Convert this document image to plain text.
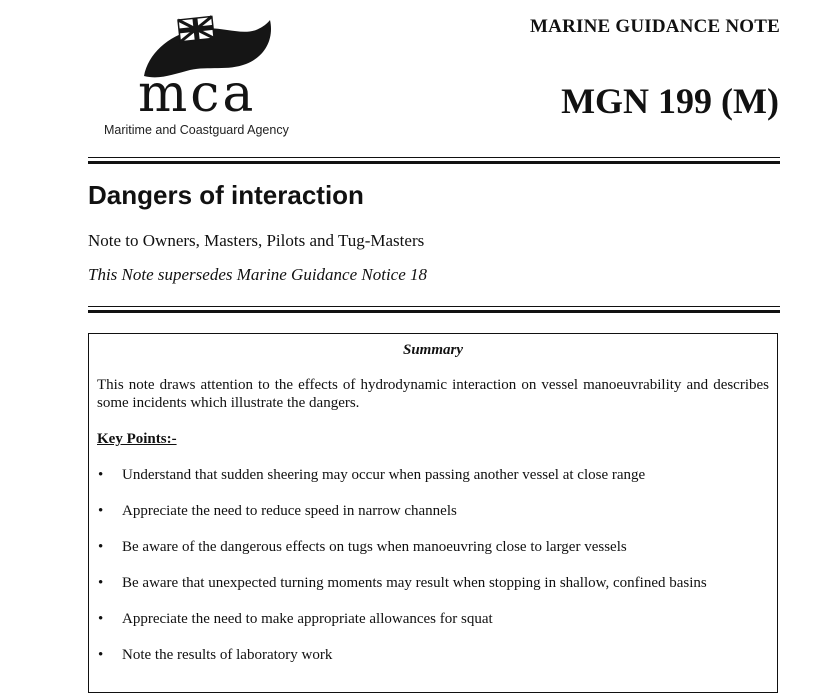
mca
Maritime and Coastguard Agency
MARINE GUIDANCE NOTE
MGN 199 (M)
Dangers of interaction
Note to Owners, Masters, Pilots and Tug-Masters
This Note supersedes Marine Guidance Notice 18
Summary

This note draws attention to the effects of hydrodynamic interaction on vessel manoeuvrability and describes some incidents which illustrate the dangers.

Key Points:-
• Understand that sudden sheering may occur when passing another vessel at close range
• Appreciate the need to reduce speed in narrow channels
• Be aware of the dangerous effects on tugs when manoeuvring close to larger vessels
• Be aware that unexpected turning moments may result when stopping in shallow, confined basins
• Appreciate the need to make appropriate allowances for squat
• Note the results of laboratory work
